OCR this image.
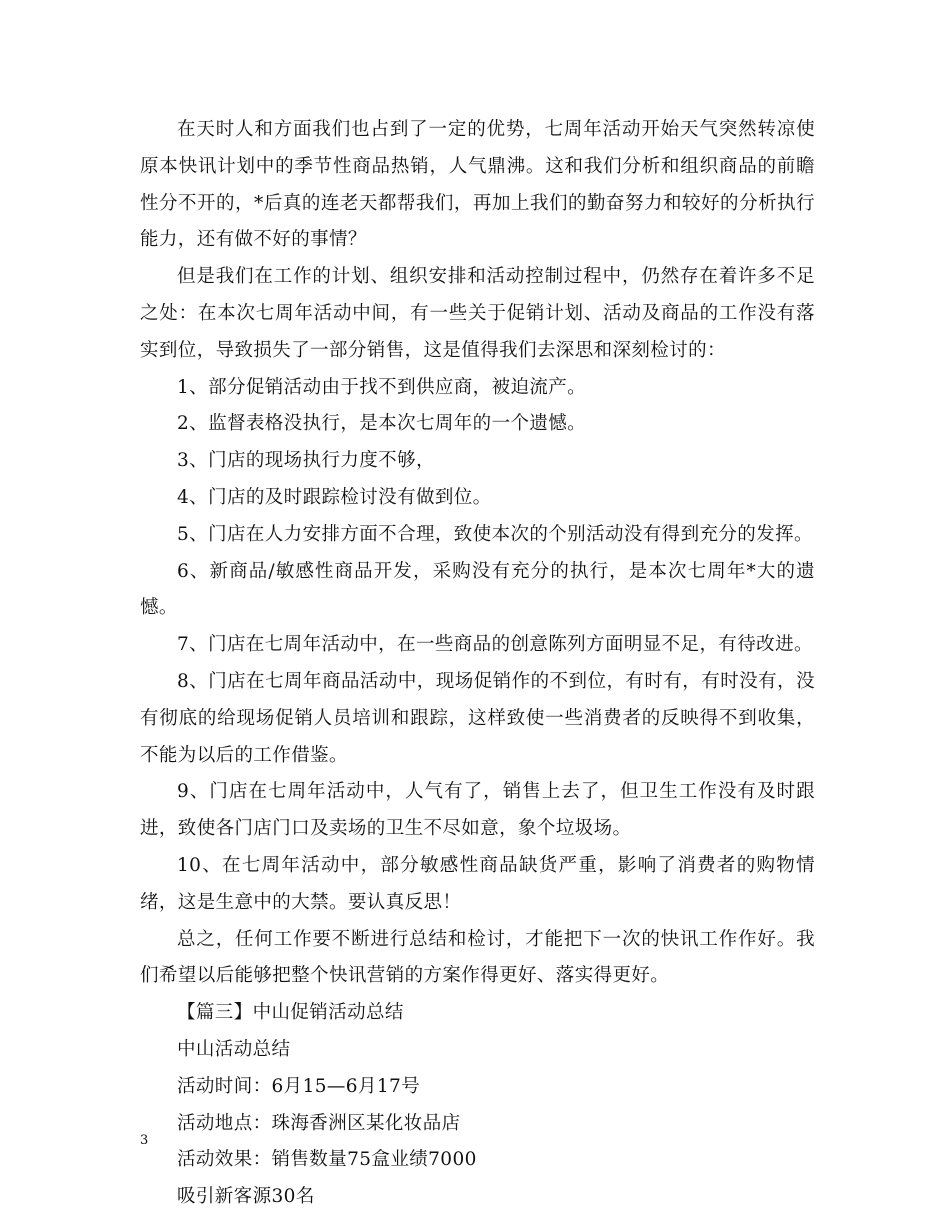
在天时人和方面我们也占到了一定的优势，七周年活动开始天气突然转凉使原本快讯计划中的季节性商品热销，人气鼎沸。这和我们分析和组织商品的前瞻性分不开的，*后真的连老天都帮我们，再加上我们的勤奋努力和较好的分析执行能力，还有做不好的事情？

但是我们在工作的计划、组织安排和活动控制过程中，仍然存在着许多不足之处：在本次七周年活动中间，有一些关于促销计划、活动及商品的工作没有落实到位，导致损失了一部分销售，这是值得我们去深思和深刻检讨的：

1、部分促销活动由于找不到供应商，被迫流产。

2、监督表格没执行，是本次七周年的一个遗憾。

3、门店的现场执行力度不够，

4、门店的及时跟踪检讨没有做到位。

5、门店在人力安排方面不合理，致使本次的个别活动没有得到充分的发挥。

6、新商品/敏感性商品开发，采购没有充分的执行，是本次七周年*大的遗憾。

7、门店在七周年活动中，在一些商品的创意陈列方面明显不足，有待改进。

8、门店在七周年商品活动中，现场促销作的不到位，有时有，有时没有，没有彻底的给现场促销人员培训和跟踪，这样致使一些消费者的反映得不到收集，不能为以后的工作借鉴。

9、门店在七周年活动中，人气有了，销售上去了，但卫生工作没有及时跟进，致使各门店门口及卖场的卫生不尽如意，象个垃圾场。

10、在七周年活动中，部分敏感性商品缺货严重，影响了消费者的购物情绪，这是生意中的大禁。要认真反思！

总之，任何工作要不断进行总结和检讨，才能把下一次的快讯工作作好。我们希望以后能够把整个快讯营销的方案作得更好、落实得更好。

【篇三】中山促销活动总结

中山活动总结

活动时间：6月15—6月17号

活动地点：珠海香洲区某化妆品店

活动效果：销售数量75盒业绩7000

吸引新客源30名

3
